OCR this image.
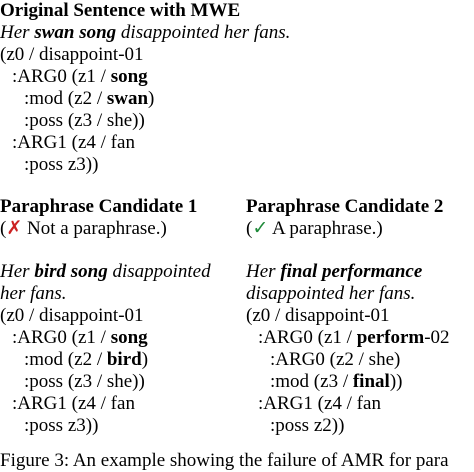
Original Sentence with MWE
Her swan song disappointed her fans.
(z0 / disappoint-01
:ARG0 (z1 / song
:mod (z2 / swan)
:poss (z3 / she))
:ARG1 (z4 / fan
:poss z3))
Paraphrase Candidate 1
(✗ Not a paraphrase.)
Her bird song disappointed
her fans.
(z0 / disappoint-01
:ARG0 (z1 / song
:mod (z2 / bird)
:poss (z3 / she))
:ARG1 (z4 / fan
:poss z3))
Paraphrase Candidate 2
(✓ A paraphrase.)
Her final performance
disappointed her fans.
(z0 / disappoint-01
:ARG0 (z1 / perform-02
:ARG0 (z2 / she)
:mod (z3 / final))
:ARG1 (z4 / fan
:poss z2))
Figure 3: An example showing the failure of AMR for para
